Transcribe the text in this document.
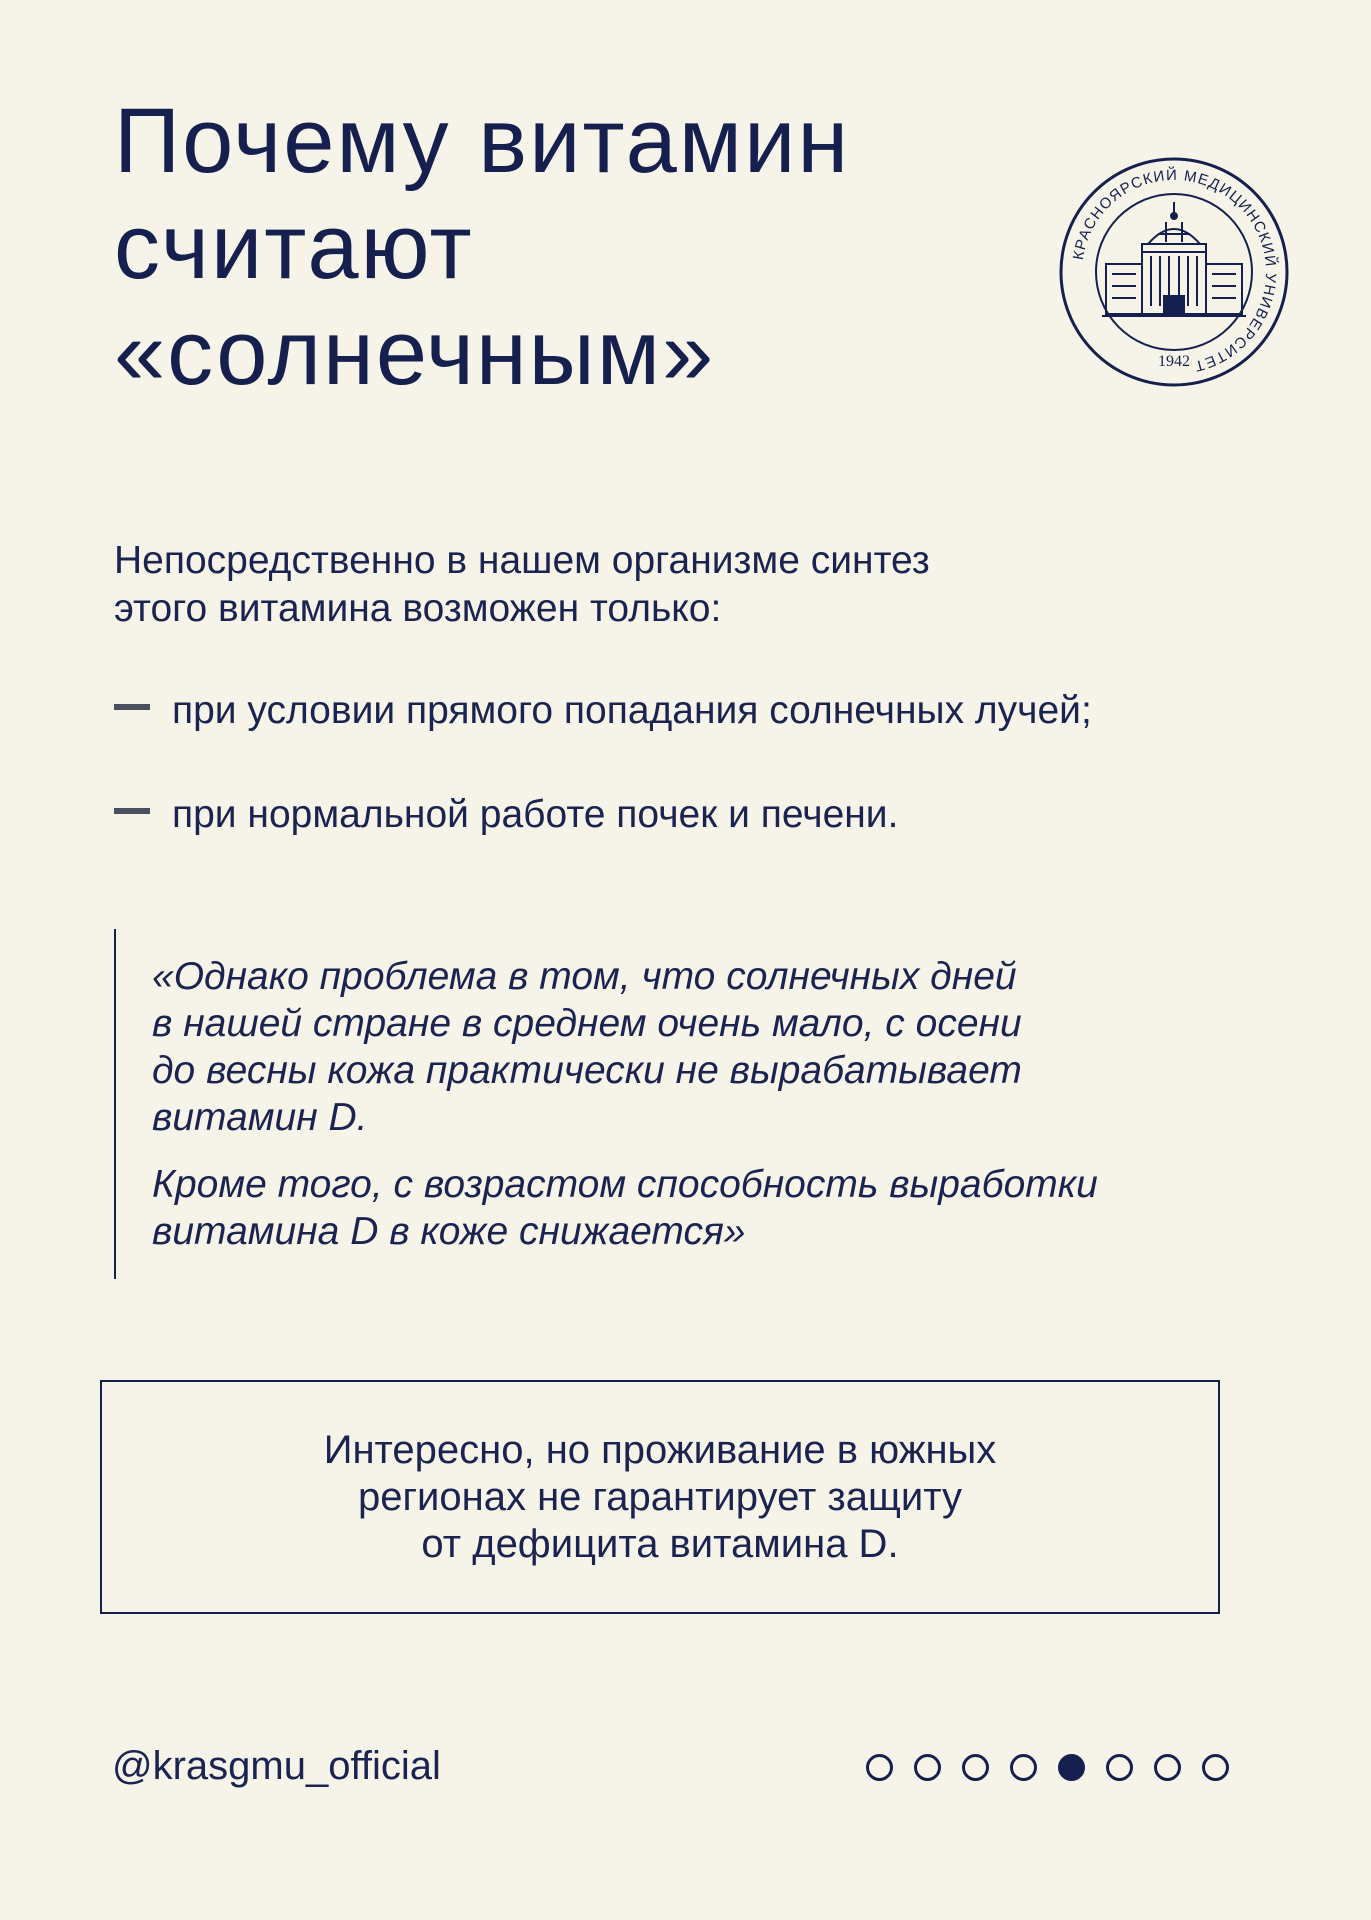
Почему витамин
считают
«солнечным»
КРАСНОЯРСКИЙ МЕДИЦИНСКИЙ УНИВЕРСИТЕТ
1942

Непосредственно в нашем организме синтез
этого витамина возможен только:

при условии прямого попадания солнечных лучей;
при нормальной работе почек и печени.

«Однако проблема в том, что солнечных дней
в нашей стране в среднем очень мало, с осени
до весны кожа практически не вырабатывает
витамин D.

Кроме того, с возрастом способность выработки
витамина D в коже снижается»

Интересно, но проживание в южных
регионах не гарантирует защиту
от дефицита витамина D.
@krasgmu_official
